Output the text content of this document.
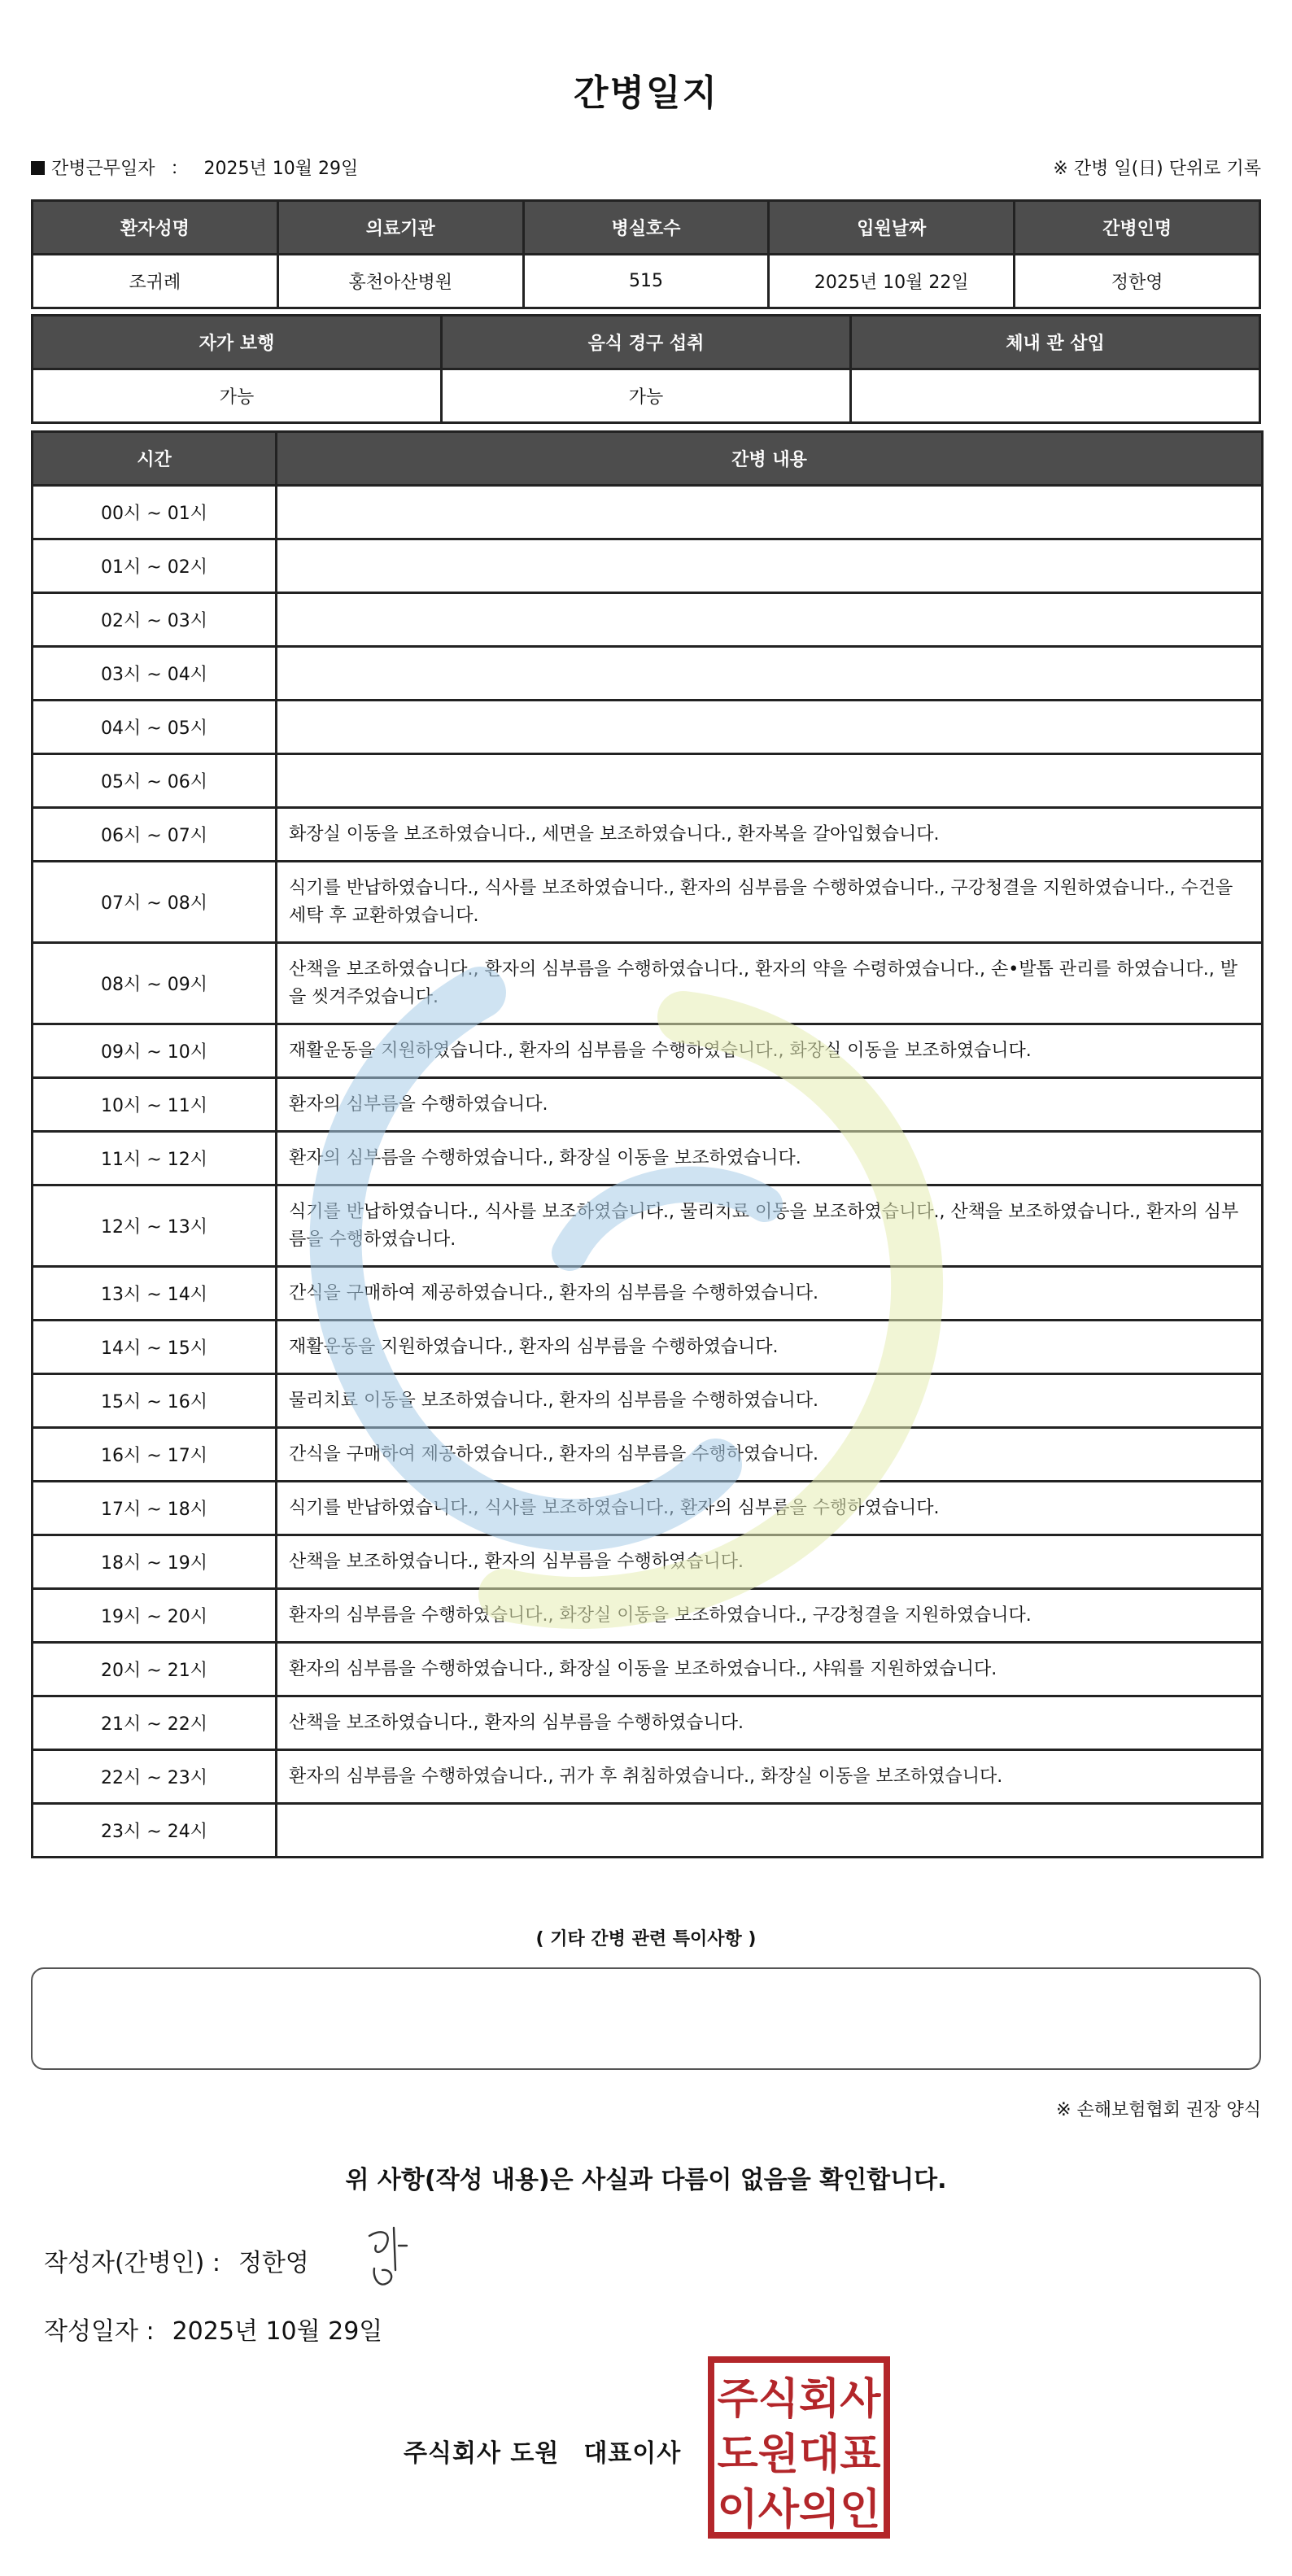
간병일지
간병근무일자 ： 2025년 10월 29일	※ 간병 일(日) 단위로 기록
환자성명	의료기관	병실호수	입원날짜	간병인명
조귀례	홍천아산병원	515	2025년 10월 22일	정한영
자가 보행	음식 경구 섭취	체내 관 삽입
가능	가능	
시간	간병 내용
00시 ~ 01시	
01시 ~ 02시	
02시 ~ 03시	
03시 ~ 04시	
04시 ~ 05시	
05시 ~ 06시	
06시 ~ 07시	화장실 이동을 보조하였습니다., 세면을 보조하였습니다., 환자복을 갈아입혔습니다.
07시 ~ 08시	식기를 반납하였습니다., 식사를 보조하였습니다., 환자의 심부름을 수행하였습니다., 구강청결을 지원하였습니다., 수건을 세탁 후 교환하였습니다.
08시 ~ 09시	산책을 보조하였습니다., 환자의 심부름을 수행하였습니다., 환자의 약을 수령하였습니다., 손•발톱 관리를 하였습니다., 발을 씻겨주었습니다.
09시 ~ 10시	재활운동을 지원하였습니다., 환자의 심부름을 수행하였습니다., 화장실 이동을 보조하였습니다.
10시 ~ 11시	환자의 심부름을 수행하였습니다.
11시 ~ 12시	환자의 심부름을 수행하였습니다., 화장실 이동을 보조하였습니다.
12시 ~ 13시	식기를 반납하였습니다., 식사를 보조하였습니다., 물리치료 이동을 보조하였습니다., 산책을 보조하였습니다., 환자의 심부름을 수행하였습니다.
13시 ~ 14시	간식을 구매하여 제공하였습니다., 환자의 심부름을 수행하였습니다.
14시 ~ 15시	재활운동을 지원하였습니다., 환자의 심부름을 수행하였습니다.
15시 ~ 16시	물리치료 이동을 보조하였습니다., 환자의 심부름을 수행하였습니다.
16시 ~ 17시	간식을 구매하여 제공하였습니다., 환자의 심부름을 수행하였습니다.
17시 ~ 18시	식기를 반납하였습니다., 식사를 보조하였습니다., 환자의 심부름을 수행하였습니다.
18시 ~ 19시	산책을 보조하였습니다., 환자의 심부름을 수행하였습니다.
19시 ~ 20시	환자의 심부름을 수행하였습니다., 화장실 이동을 보조하였습니다., 구강청결을 지원하였습니다.
20시 ~ 21시	환자의 심부름을 수행하였습니다., 화장실 이동을 보조하였습니다., 샤워를 지원하였습니다.
21시 ~ 22시	산책을 보조하였습니다., 환자의 심부름을 수행하였습니다.
22시 ~ 23시	환자의 심부름을 수행하였습니다., 귀가 후 취침하였습니다., 화장실 이동을 보조하였습니다.
23시 ~ 24시	
( 기타 간병 관련 특이사항 )
※ 손해보험협회 권장 양식
위 사항(작성 내용)은 사실과 다름이 없음을 확인합니다.
작성자(간병인) : 정한영
작성일자 : 2025년 10월 29일
주식회사 도원 대표이사
주식회사
도원대표
이사의인
